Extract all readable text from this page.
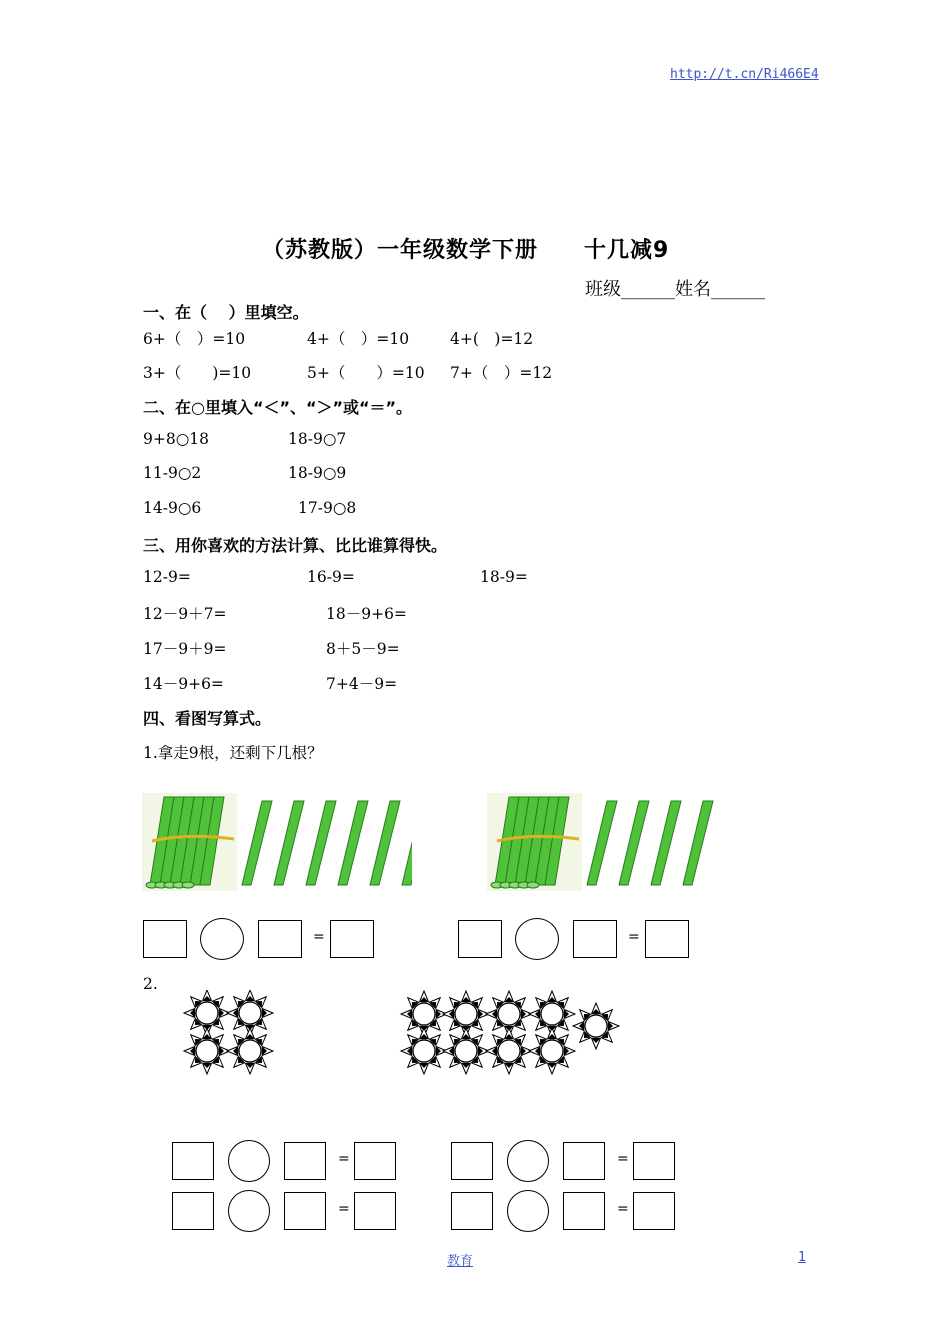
http://t.cn/Ri466E4
（苏教版）一年级数学下册　　十几减9
班级______姓名______
一、在（　 ）里填空。
6+（　）=10	4+（　）=10	4+(　)=12
3+（　　)=10	5+（　　）=10 7+（　）=12
二、在○里填入“＜”、“＞”或“＝”。
9+8○18	18-9○7
11-9○2	18-9○9
14-9○6	17-9○8
三、用你喜欢的方法计算、比比谁算得快。
12-9=	16-9=	18-9=
12－9＋7=	18－9+6=
17－9＋9=	8＋5－9=
14－9+6=	7+4－9=
四、看图写算式。
1.拿走9根，还剩下几根？
=	=
2.
=	=
=	=
教育	1
